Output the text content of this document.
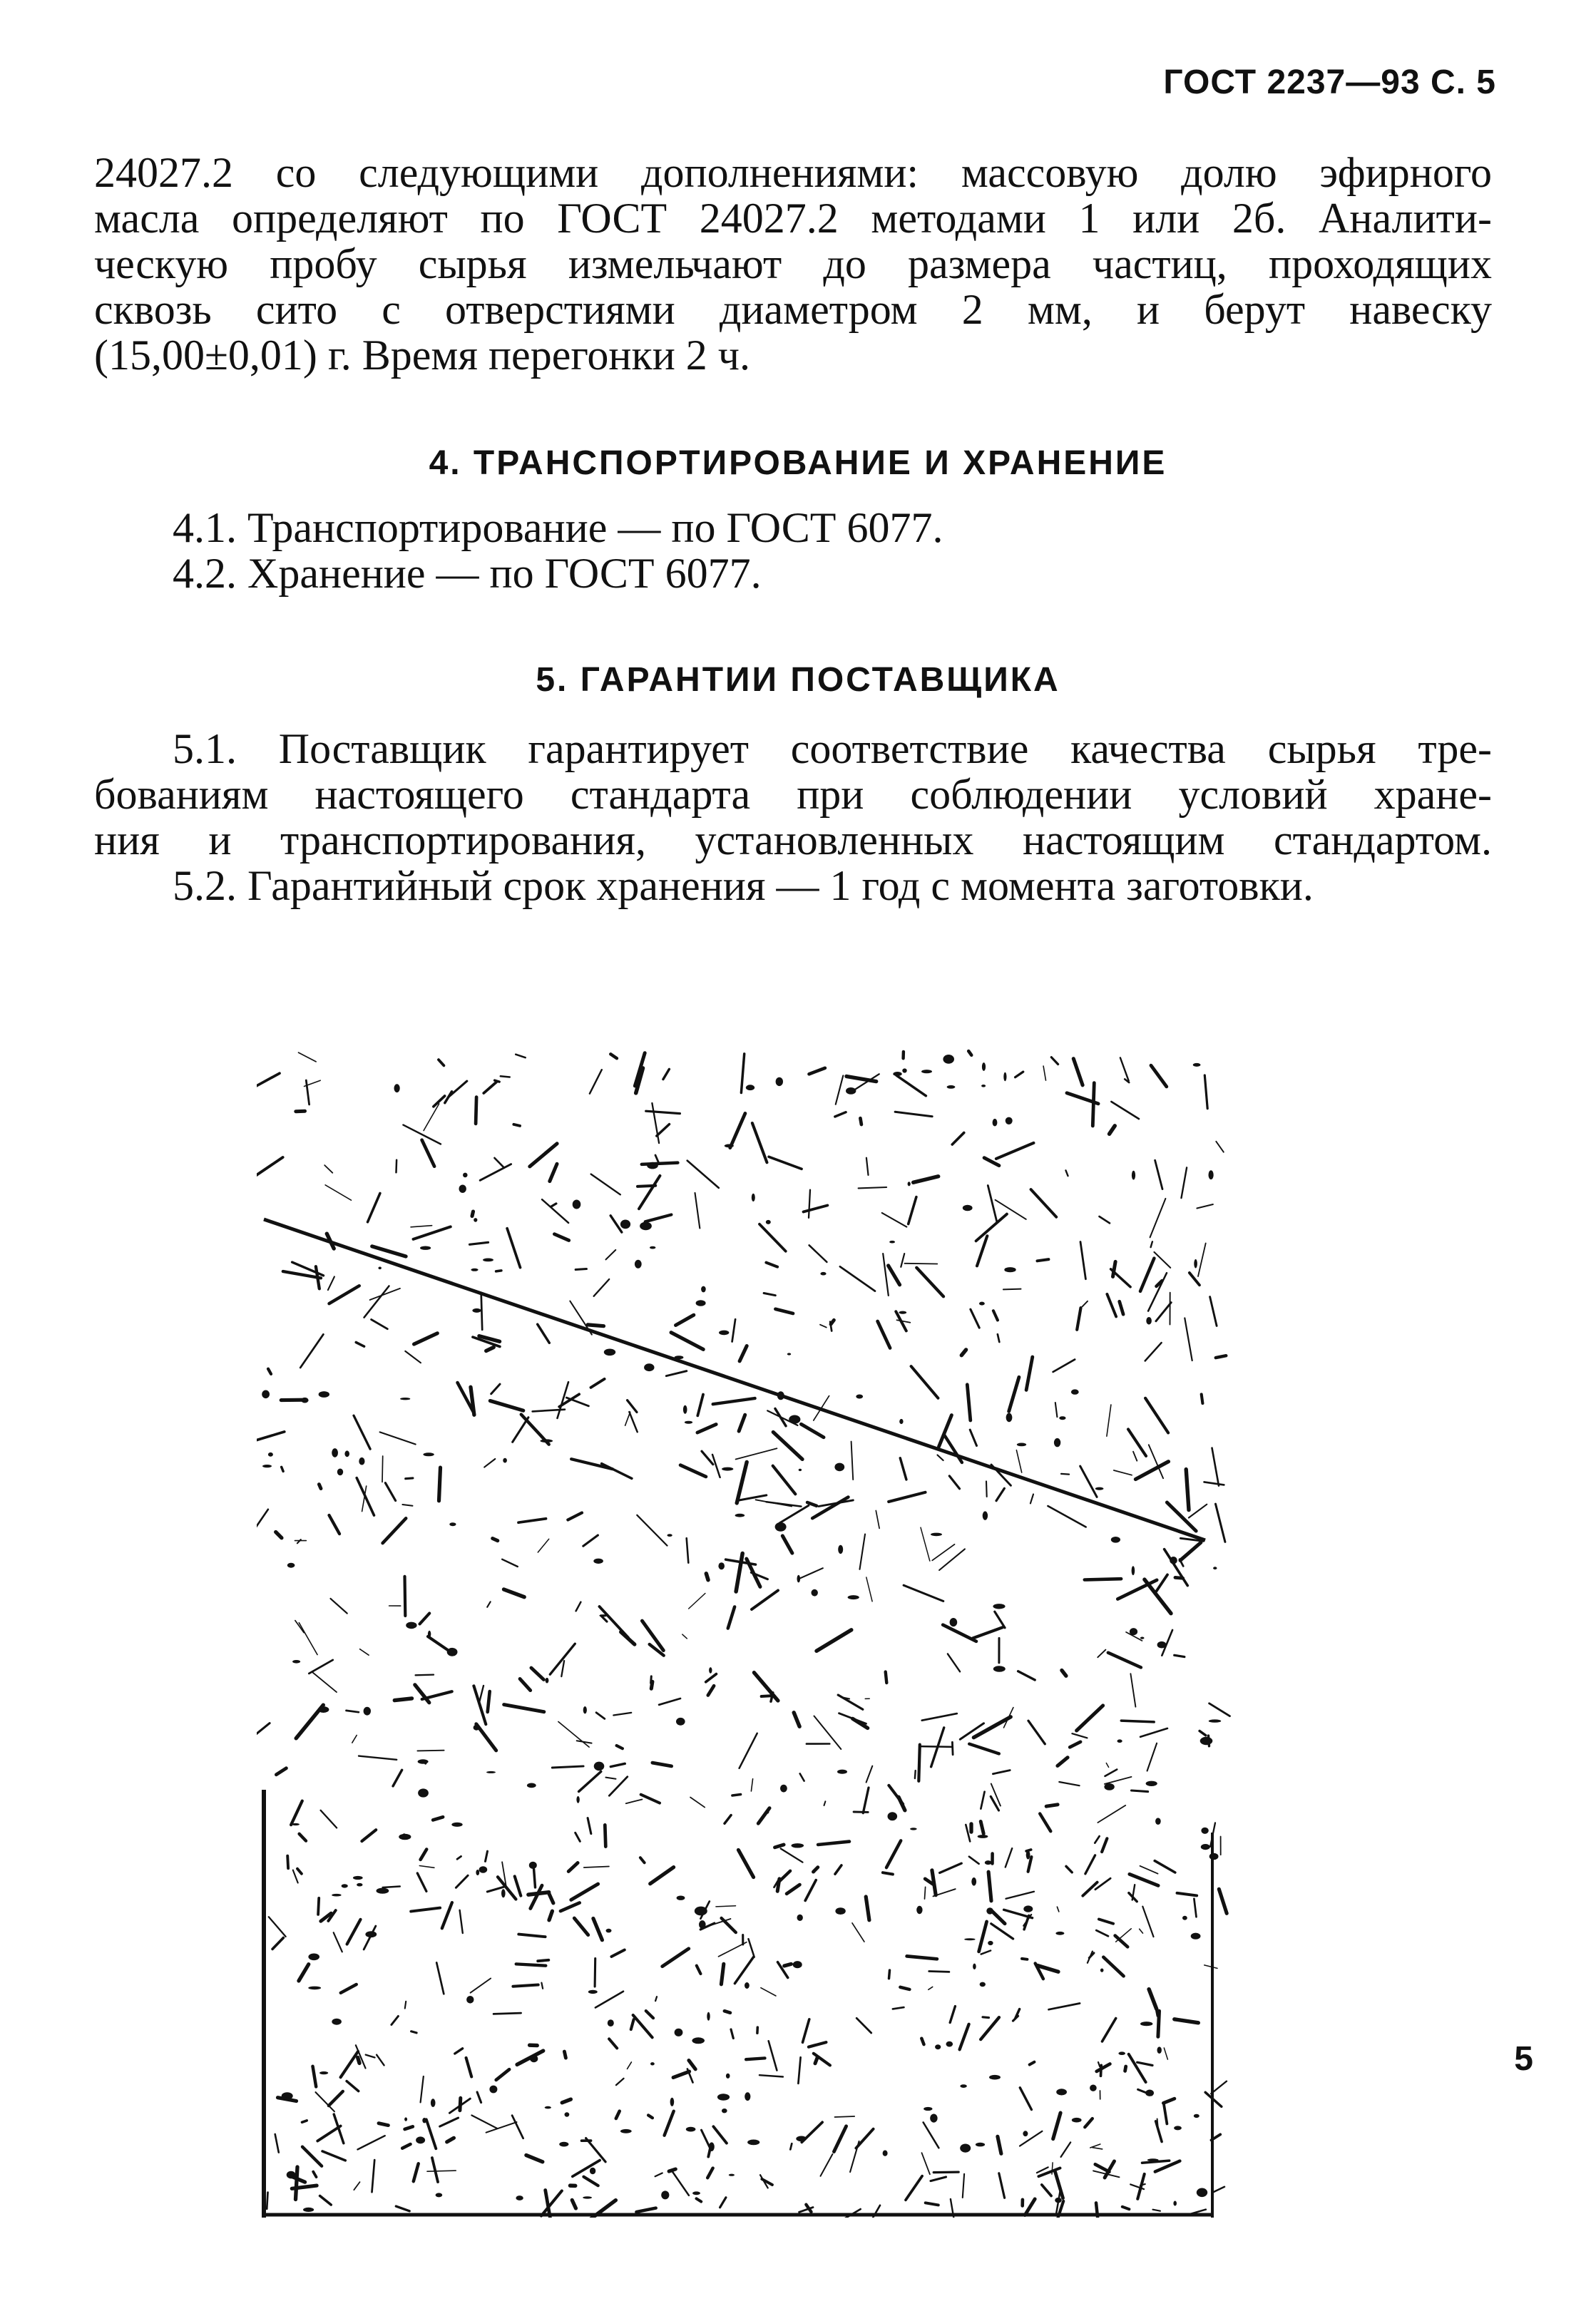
ГОСТ 2237—93 С. 5

24027.2 со следующими дополнениями: массовую долю эфирного

масла определяют по ГОСТ 24027.2 методами 1 или 2б. Аналити-

ческую пробу сырья измельчают до размера частиц, проходящих

сквозь сито с отверстиями диаметром 2 мм, и берут навеску

(15,00±0,01) г. Время перегонки 2 ч.

4. ТРАНСПОРТИРОВАНИЕ И ХРАНЕНИЕ
4.1. Транспортирование — по ГОСТ 6077.
4.2. Хранение — по ГОСТ 6077.
5. ГАРАНТИИ ПОСТАВЩИКА

5.1. Поставщик гарантирует соответствие качества сырья тре-

бованиям настоящего стандарта при соблюдении условий хране-

ния и транспортирования, установленных настоящим стандартом.

5.2. Гарантийный срок хранения — 1 год с момента заготовки.

5
